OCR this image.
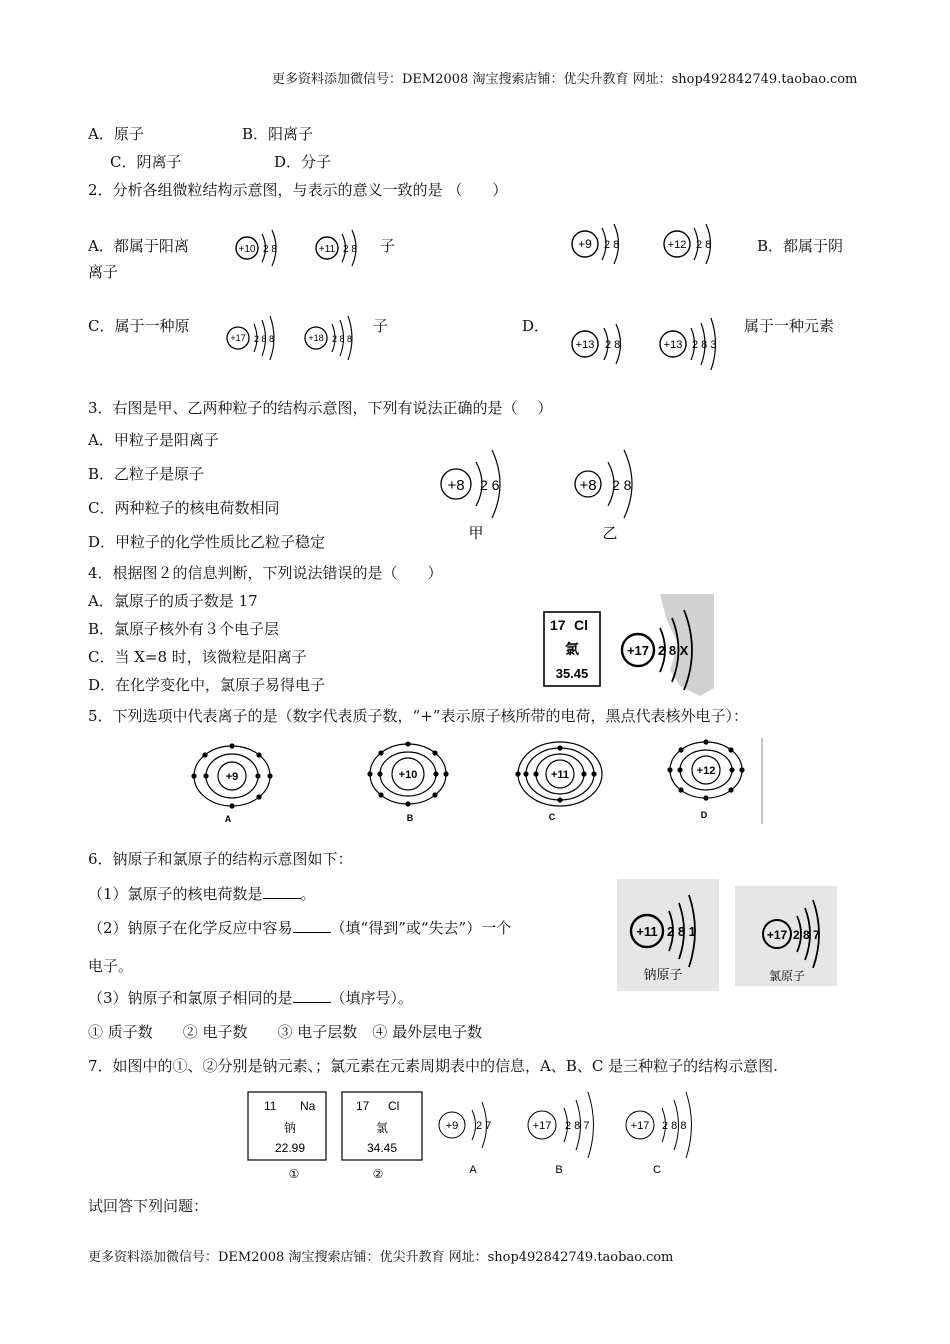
更多资料添加微信号：DEM2008 淘宝搜索店铺：优尖升教育 网址：shop492842749.taobao.com
A．原子	B．阳离子
C．阴离子	D．分子
2．分析各组微粒结构示意图，与表示的意义一致的是 （　　）
A．都属于阳离
离子
子	B．都属于阴
C．属于一种原	子	D．	属于一种元素
+10 2 8	+11 2 8	+9 2 8	+12 2 8
+17 2 8 8	+18 2 8 8	+13 2 8	+13 2 8 3
3．右图是甲、乙两种粒子的结构示意图，下列有说法正确的是（　 ）
A．甲粒子是阳离子
B．乙粒子是原子
C．两种粒子的核电荷数相同
D．甲粒子的化学性质比乙粒子稳定
+8 2 6
甲
+8 2 8
乙
4．根据图２的信息判断，下列说法错误的是（　　）
A．氯原子的质子数是 17
B．氯原子核外有３个电子层
C．当 X=8 时，该微粒是阳离子
D．在化学变化中，氯原子易得电子
17 Cl
氯
35.45
+17 2 8 X
5．下列选项中代表离子的是（数字代表质子数，“+”表示原子核所带的电荷，黑点代表核外电子）：
+9
A
+10
B
+11
C
+12
D
6．钠原子和氯原子的结构示意图如下：
（1）氯原子的核电荷数是	。
（2）钠原子在化学反应中容易	（填“得到”或“失去”）一个
电子。
（3）钠原子和氯原子相同的是	（填序号）。
① 质子数　　② 电子数　　③ 电子层数　④ 最外层电子数
+11 2 8 1
钠原子
+17 2 8 7
氯原子
7．如图中的①、②分别是钠元素、；氯元素在元素周期表中的信息，A、B、C 是三种粒子的结构示意图.
11 Na
钠
22.99
①
17 Cl
氯
34.45
②
+9 2 7
A
+17 2 8 7
B
+17 2 8 8
C
试回答下列问题：
更多资料添加微信号：DEM2008 淘宝搜索店铺：优尖升教育 网址：shop492842749.taobao.com
